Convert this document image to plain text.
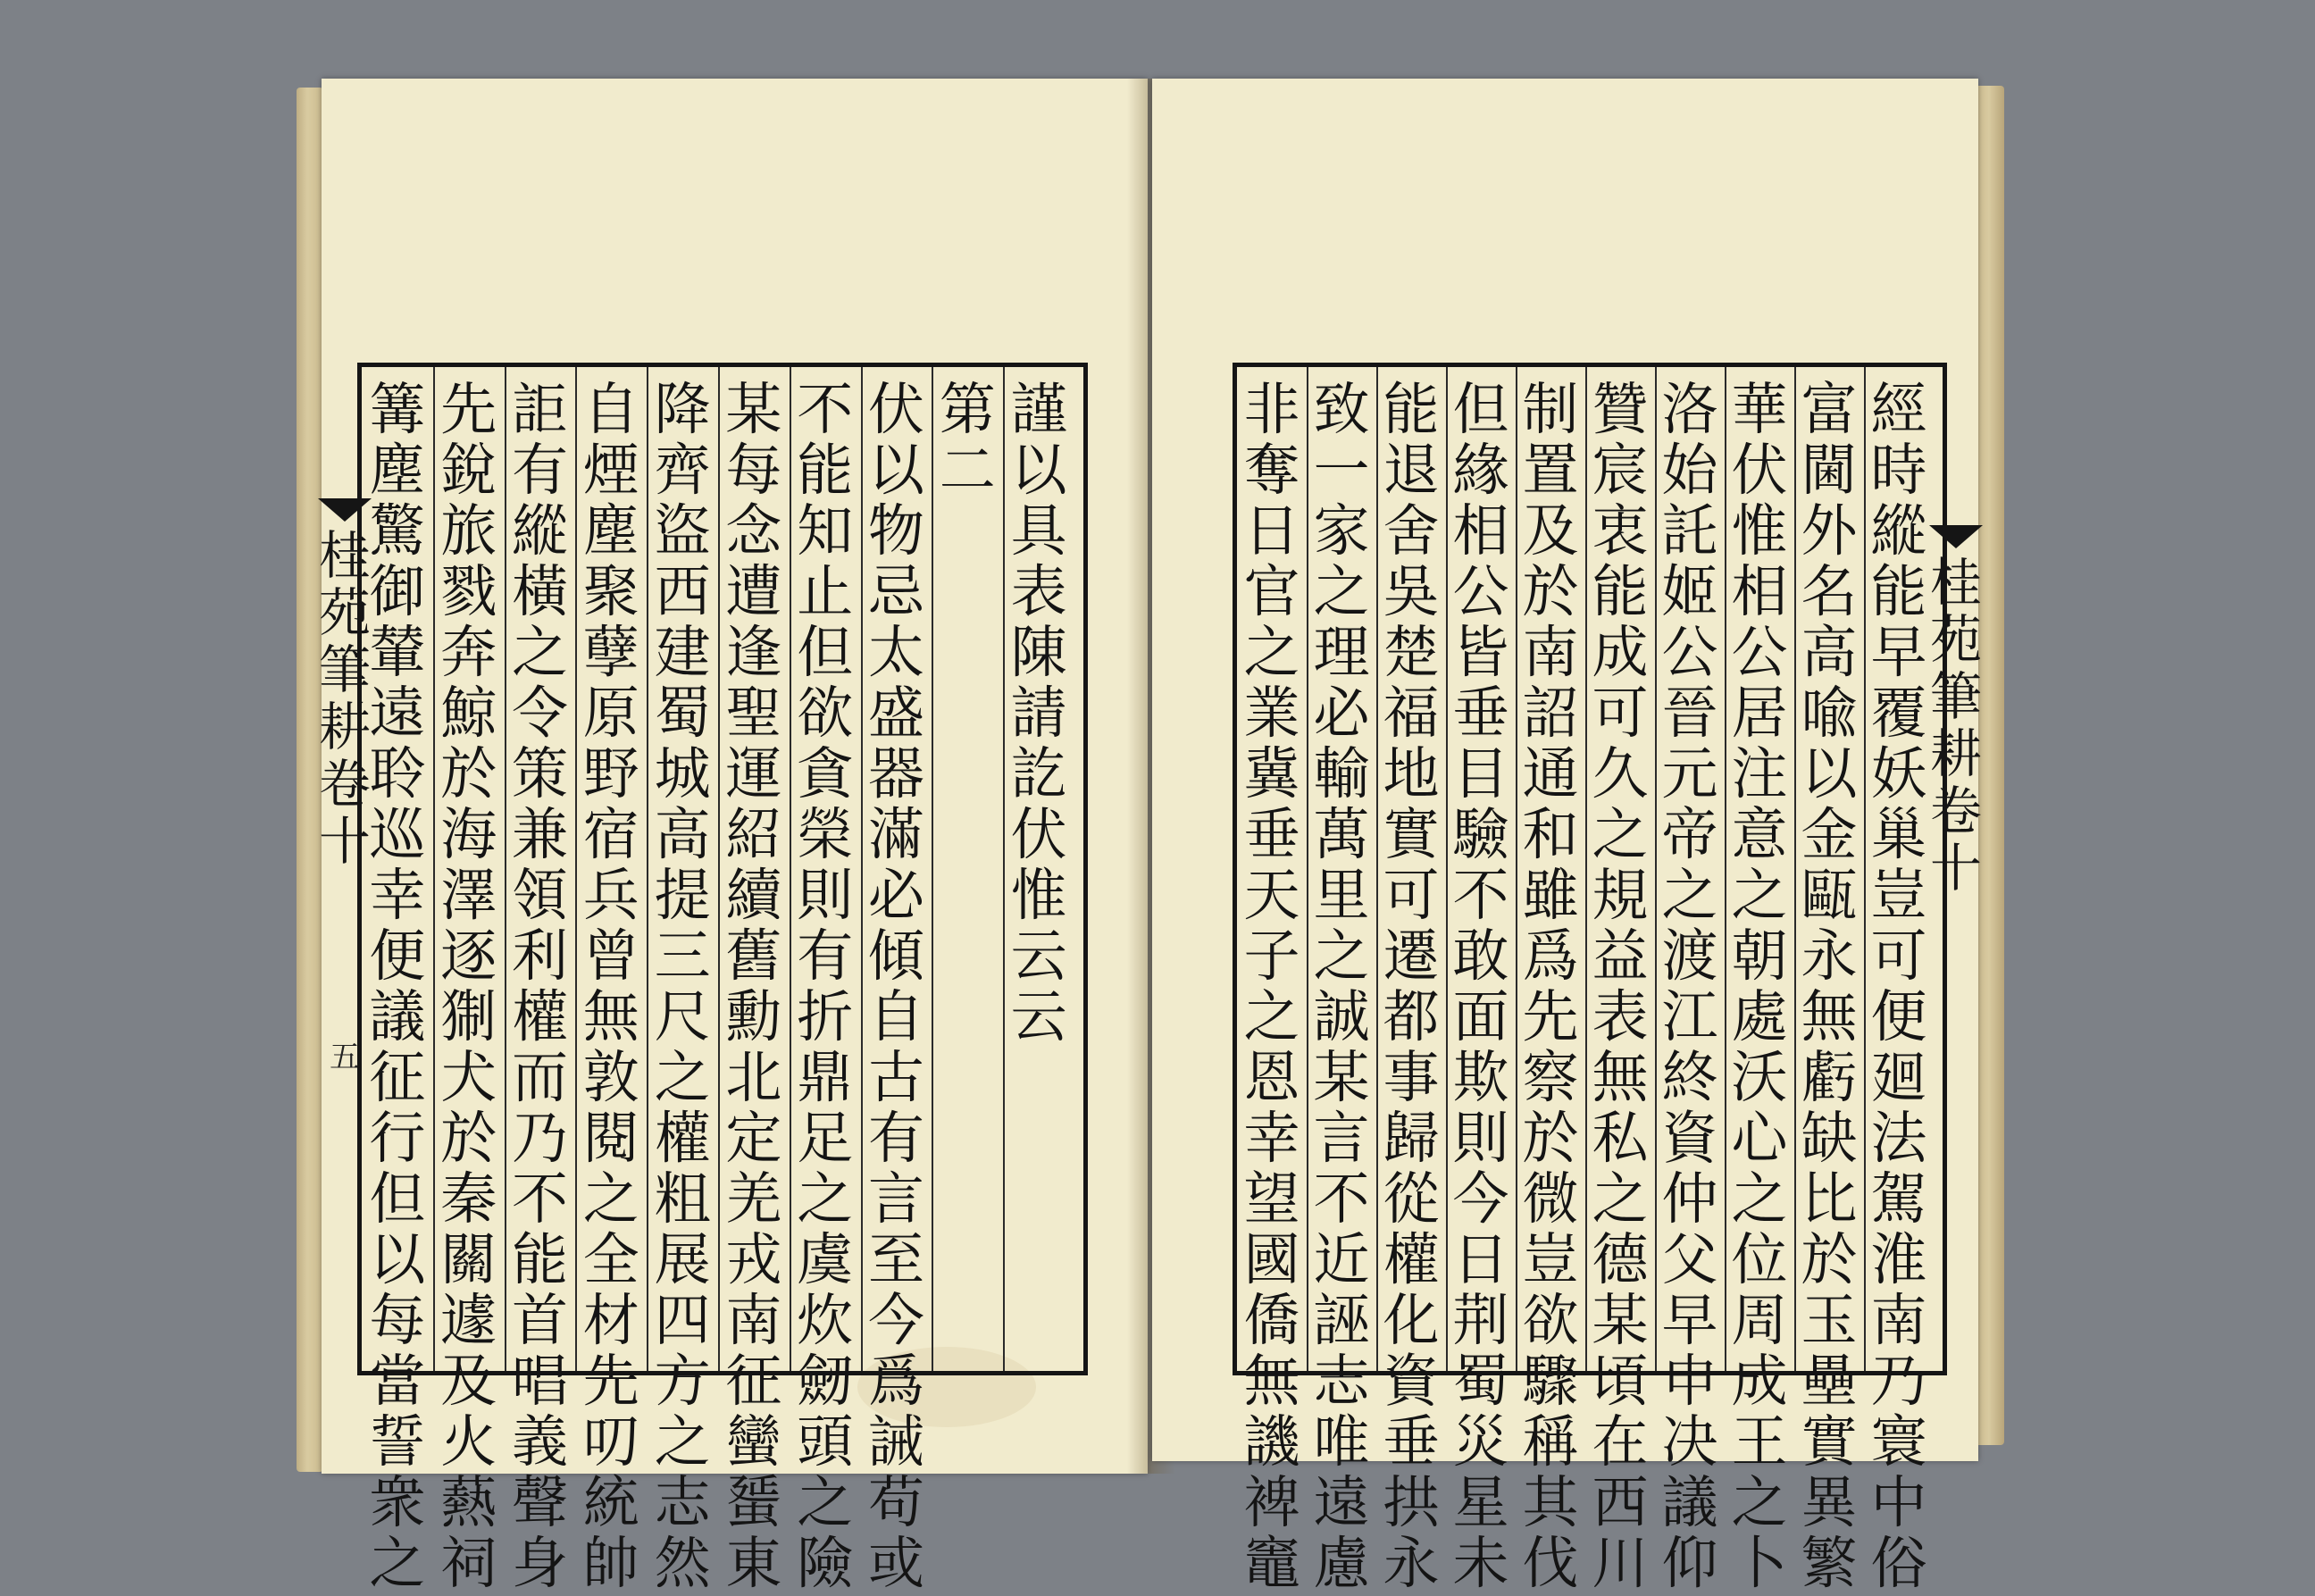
桂
苑
筆
耕
卷
十
五
謹
以
具
表
陳
請
訖
伏
惟
云
云
第
二
伏
以
物
忌
太
盛
器
滿
必
傾
自
古
有
言
至
今
爲
誡
苟
或
不
能
知
止
但
欲
貪
榮
則
有
折
鼎
足
之
虞
炊
劒
頭
之
險
某
每
念
遭
逢
聖
運
紹
續
舊
勳
北
定
羌
戎
南
征
蠻
蜑
東
降
齊
盜
西
建
蜀
城
高
提
三
尺
之
權
粗
展
四
方
之
志
然
自
煙
塵
聚
孽
原
野
宿
兵
曾
無
敦
閱
之
全
材
先
叨
統
帥
詎
有
縱
橫
之
令
策
兼
領
利
權
而
乃
不
能
首
唱
義
聲
身
先
銳
旅
戮
奔
鯨
於
海
澤
逐
猘
犬
於
秦
關
遽
及
火
爇
祠
篝
塵
驚
御
輦
遠
聆
巡
幸
便
議
征
行
但
以
每
當
誓
衆
之
經
時
縱
能
早
覆
妖
巢
豈
可
便
廻
法
駕
淮
南
乃
寰
中
俗
富
閫
外
名
高
喩
以
金
甌
永
無
虧
缺
比
於
玉
壘
實
異
繁
華
伏
惟
相
公
居
注
意
之
朝
處
沃
心
之
位
周
成
王
之
卜
洛
始
託
姬
公
晉
元
帝
之
渡
江
終
資
仲
父
早
申
决
議
仰
贊
宸
衷
能
成
可
久
之
規
益
表
無
私
之
德
某
頃
在
西
川
制
置
及
於
南
詔
通
和
雖
爲
先
察
於
微
豈
欲
驟
稱
其
伐
但
緣
相
公
皆
垂
目
驗
不
敢
面
欺
則
今
日
荆
蜀
災
星
未
能
退
舍
吳
楚
福
地
實
可
遷
都
事
歸
從
權
化
資
垂
拱
永
致
一
家
之
理
必
輸
萬
里
之
誠
某
言
不
近
誣
志
唯
遠
慮
非
奪
日
官
之
業
冀
垂
天
子
之
恩
幸
望
國
僑
無
譏
裨
竈
桂
苑
筆
耕
卷
十
